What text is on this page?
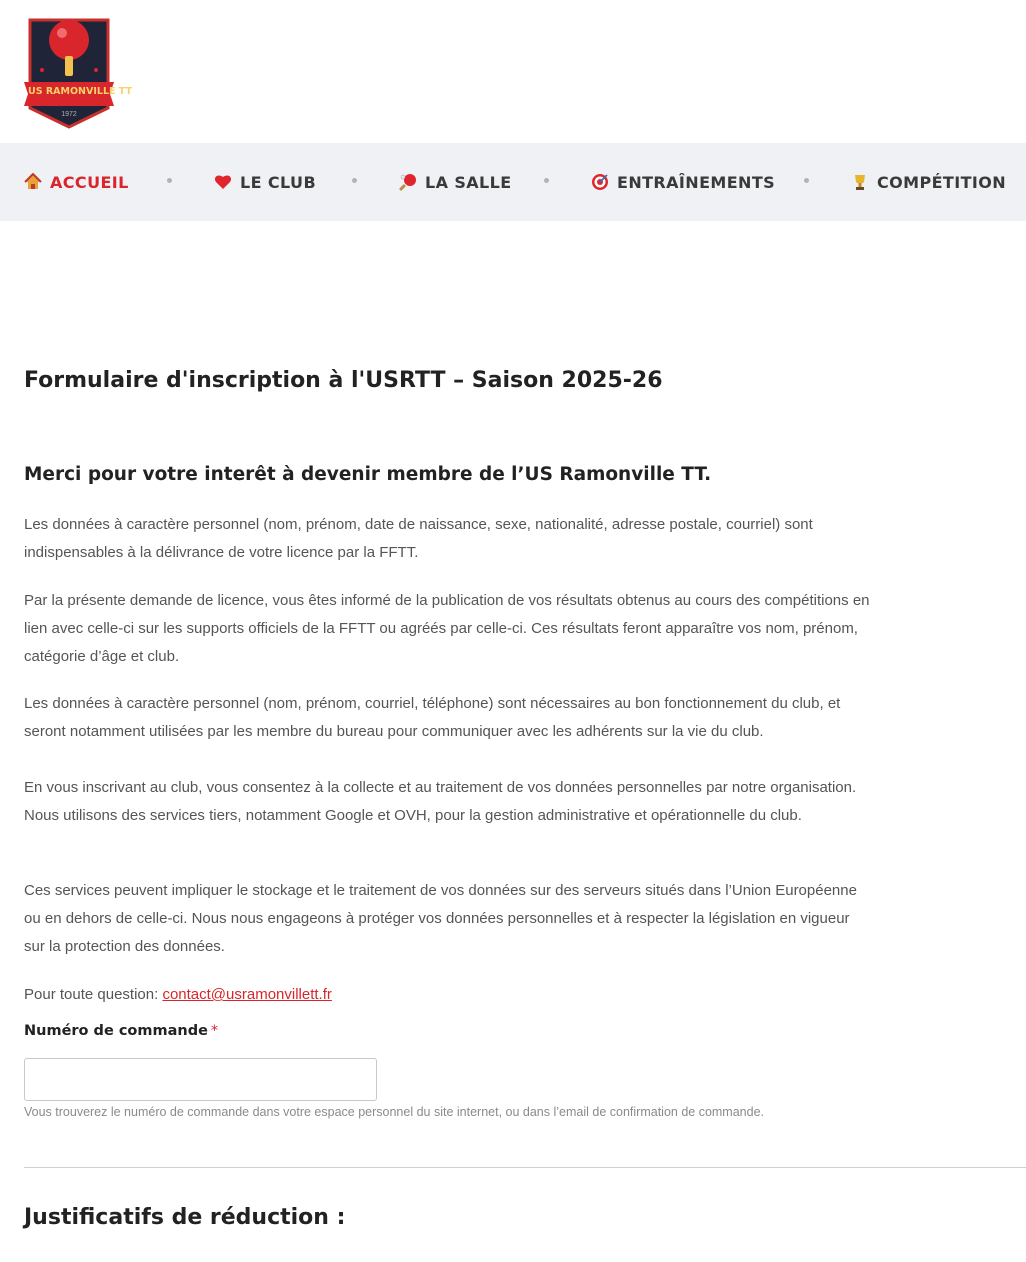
US RAMONVILLE TT
1972
ACCUEIL	LE CLUB	LA SALLE	ENTRAÎNEMENTS	COMPÉTITION
Formulaire d'inscription à l'USRTT – Saison 2025-26
Merci pour votre interêt à devenir membre de l’US Ramonville TT.

Les données à caractère personnel (nom, prénom, date de naissance, sexe, nationalité, adresse postale, courriel) sont indispensables à la délivrance de votre licence par la FFTT.

Par la présente demande de licence, vous êtes informé de la publication de vos résultats obtenus au cours des compétitions en lien avec celle-ci sur les supports officiels de la FFTT ou agréés par celle-ci. Ces résultats feront apparaître vos nom, prénom, catégorie d’âge et club.

Les données à caractère personnel (nom, prénom, courriel, téléphone) sont nécessaires au bon fonctionnement du club, et seront notamment utilisées par les membre du bureau pour communiquer avec les adhérents sur la vie du club.

En vous inscrivant au club, vous consentez à la collecte et au traitement de vos données personnelles par notre organisation. Nous utilisons des services tiers, notamment Google et OVH, pour la gestion administrative et opérationnelle du club.

Ces services peuvent impliquer le stockage et le traitement de vos données sur des serveurs situés dans l’Union Européenne ou en dehors de celle-ci. Nous nous engageons à protéger vos données personnelles et à respecter la législation en vigueur sur la protection des données.

Pour toute question: contact@usramonvillett.fr

Numéro de commande *
Vous trouverez le numéro de commande dans votre espace personnel du site internet, ou dans l’email de confirmation de commande.
Justificatifs de réduction :
